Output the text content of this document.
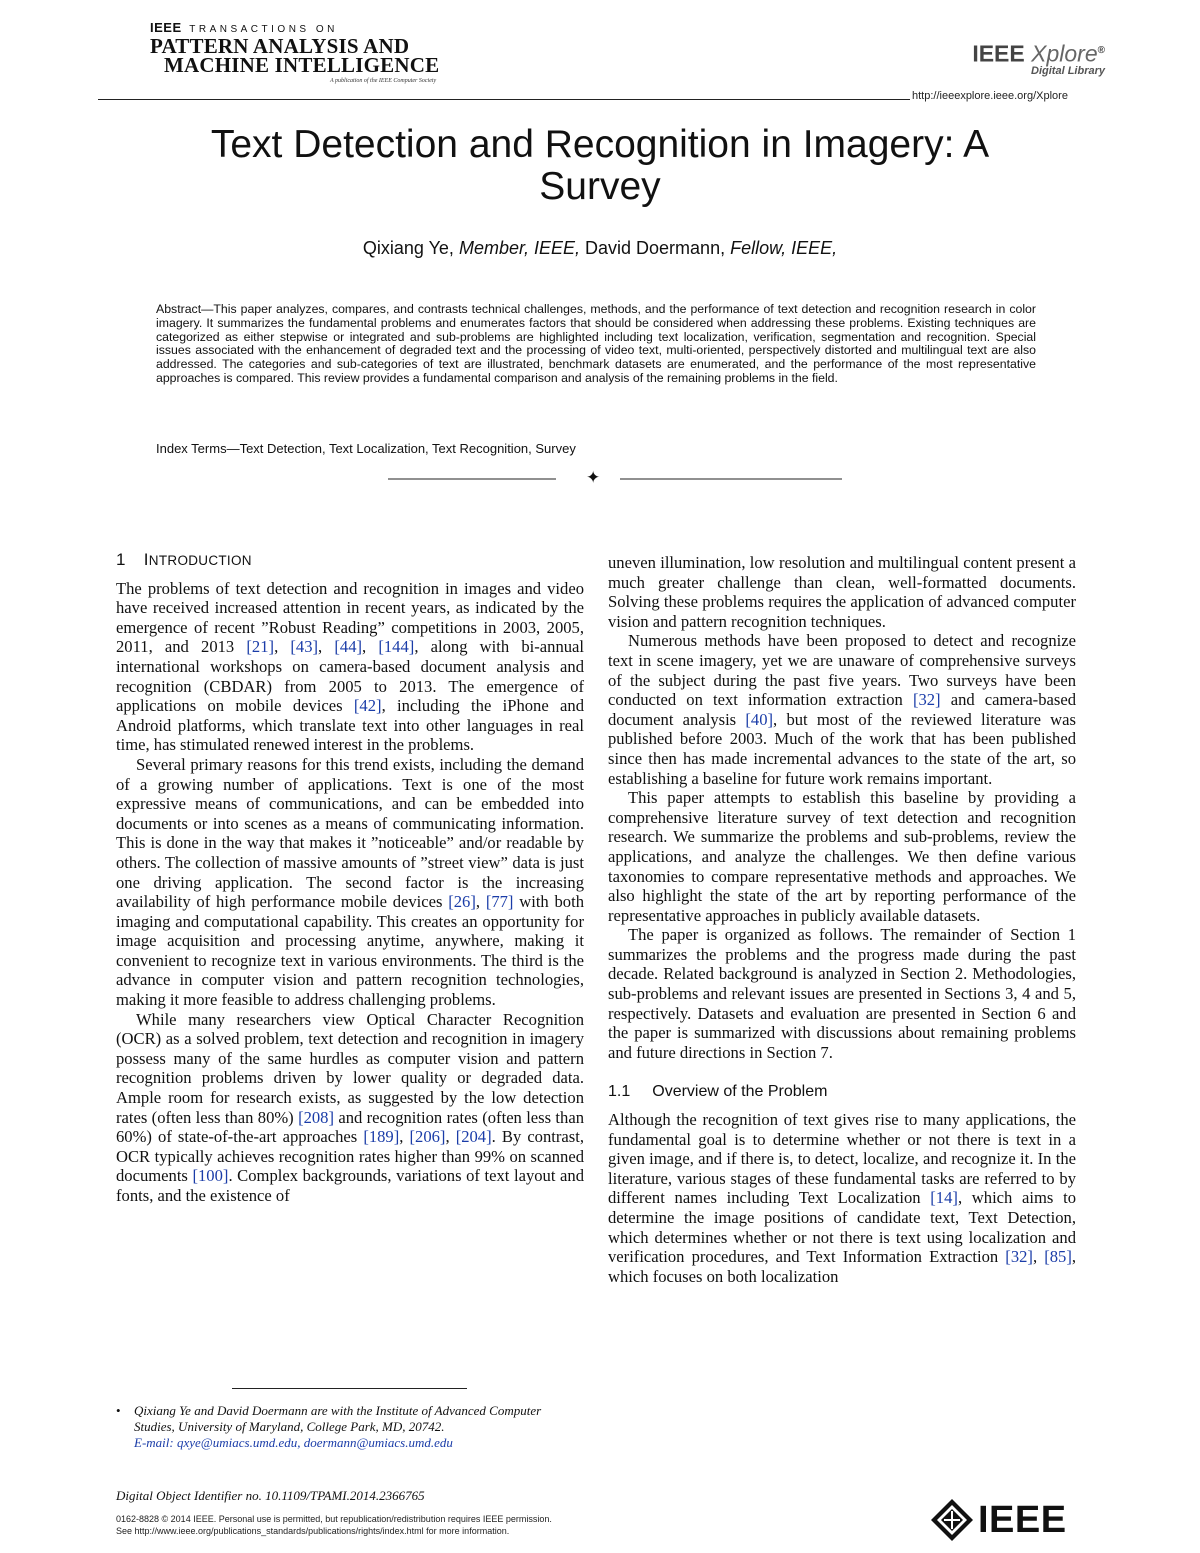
IEEE TRANSACTIONS ON
PATTERN ANALYSIS AND
MACHINE INTELLIGENCE
A publication of the IEEE Computer Society
IEEE Xplore®
Digital Library
http://ieeexplore.ieee.org/Xplore
Text Detection and Recognition in Imagery: A
Survey
Qixiang Ye, Member, IEEE, David Doermann, Fellow, IEEE,
Abstract—This paper analyzes, compares, and contrasts technical challenges, methods, and the performance of text detection and recognition research in color imagery. It summarizes the fundamental problems and enumerates factors that should be considered when addressing these problems. Existing techniques are categorized as either stepwise or integrated and sub-problems are highlighted including text localization, verification, segmentation and recognition. Special issues associated with the enhancement of degraded text and the processing of video text, multi-oriented, perspectively distorted and multilingual text are also addressed. The categories and sub-categories of text are illustrated, benchmark datasets are enumerated, and the performance of the most representative approaches is compared. This review provides a fundamental comparison and analysis of the remaining problems in the field.
Index Terms—Text Detection, Text Localization, Text Recognition, Survey
✦
1 INTRODUCTION

The problems of text detection and recognition in images and video have received increased attention in recent years, as indicated by the emergence of recent ”Robust Reading” competitions in 2003, 2005, 2011, and 2013 [21], [43], [44], [144], along with bi-annual international workshops on camera-based document analysis and recognition (CBDAR) from 2005 to 2013. The emergence of applications on mobile devices [42], including the iPhone and Android platforms, which translate text into other languages in real time, has stimulated renewed interest in the problems.

Several primary reasons for this trend exists, including the demand of a growing number of applications. Text is one of the most expressive means of communications, and can be embedded into documents or into scenes as a means of communicating information. This is done in the way that makes it ”noticeable” and/or readable by others. The collection of massive amounts of ”street view” data is just one driving application. The second factor is the increasing availability of high performance mobile devices [26], [77] with both imaging and computational capability. This creates an opportunity for image acquisition and processing anytime, anywhere, making it convenient to recognize text in various environments. The third is the advance in computer vision and pattern recognition technologies, making it more feasible to address challenging problems.

While many researchers view Optical Character Recognition (OCR) as a solved problem, text detection and recognition in imagery possess many of the same hurdles as computer vision and pattern recognition problems driven by lower quality or degraded data. Ample room for research exists, as suggested by the low detection rates (often less than 80%) [208] and recognition rates (often less than 60%) of state-of-the-art approaches [189], [206], [204]. By contrast, OCR typically achieves recognition rates higher than 99% on scanned documents [100]. Complex backgrounds, variations of text layout and fonts, and the existence of

uneven illumination, low resolution and multilingual content present a much greater challenge than clean, well-formatted documents. Solving these problems requires the application of advanced computer vision and pattern recognition techniques.

Numerous methods have been proposed to detect and recognize text in scene imagery, yet we are unaware of comprehensive surveys of the subject during the past five years. Two surveys have been conducted on text information extraction [32] and camera-based document analysis [40], but most of the reviewed literature was published before 2003. Much of the work that has been published since then has made incremental advances to the state of the art, so establishing a baseline for future work remains important.

This paper attempts to establish this baseline by providing a comprehensive literature survey of text detection and recognition research. We summarize the problems and sub-problems, review the applications, and analyze the challenges. We then define various taxonomies to compare representative methods and approaches. We also highlight the state of the art by reporting performance of the representative approaches in publicly available datasets.

The paper is organized as follows. The remainder of Section 1 summarizes the problems and the progress made during the past decade. Related background is analyzed in Section 2. Methodologies, sub-problems and relevant issues are presented in Sections 3, 4 and 5, respectively. Datasets and evaluation are presented in Section 6 and the paper is summarized with discussions about remaining problems and future directions in Section 7.

1.1 Overview of the Problem

Although the recognition of text gives rise to many applications, the fundamental goal is to determine whether or not there is text in a given image, and if there is, to detect, localize, and recognize it. In the literature, various stages of these fundamental tasks are referred to by different names including Text Localization [14], which aims to determine the image positions of candidate text, Text Detection, which determines whether or not there is text using localization and verification procedures, and Text Information Extraction [32], [85], which focuses on both localization

•	Qixiang Ye and David Doermann are with the Institute of Advanced Computer Studies, University of Maryland, College Park, MD, 20742.
E-mail: qxye@umiacs.umd.edu, doermann@umiacs.umd.edu
Digital Object Identifier no. 10.1109/TPAMI.2014.2366765
0162-8828 © 2014 IEEE. Personal use is permitted, but republication/redistribution requires IEEE permission.
See http://www.ieee.org/publications_standards/publications/rights/index.html for more information.	IEEE
